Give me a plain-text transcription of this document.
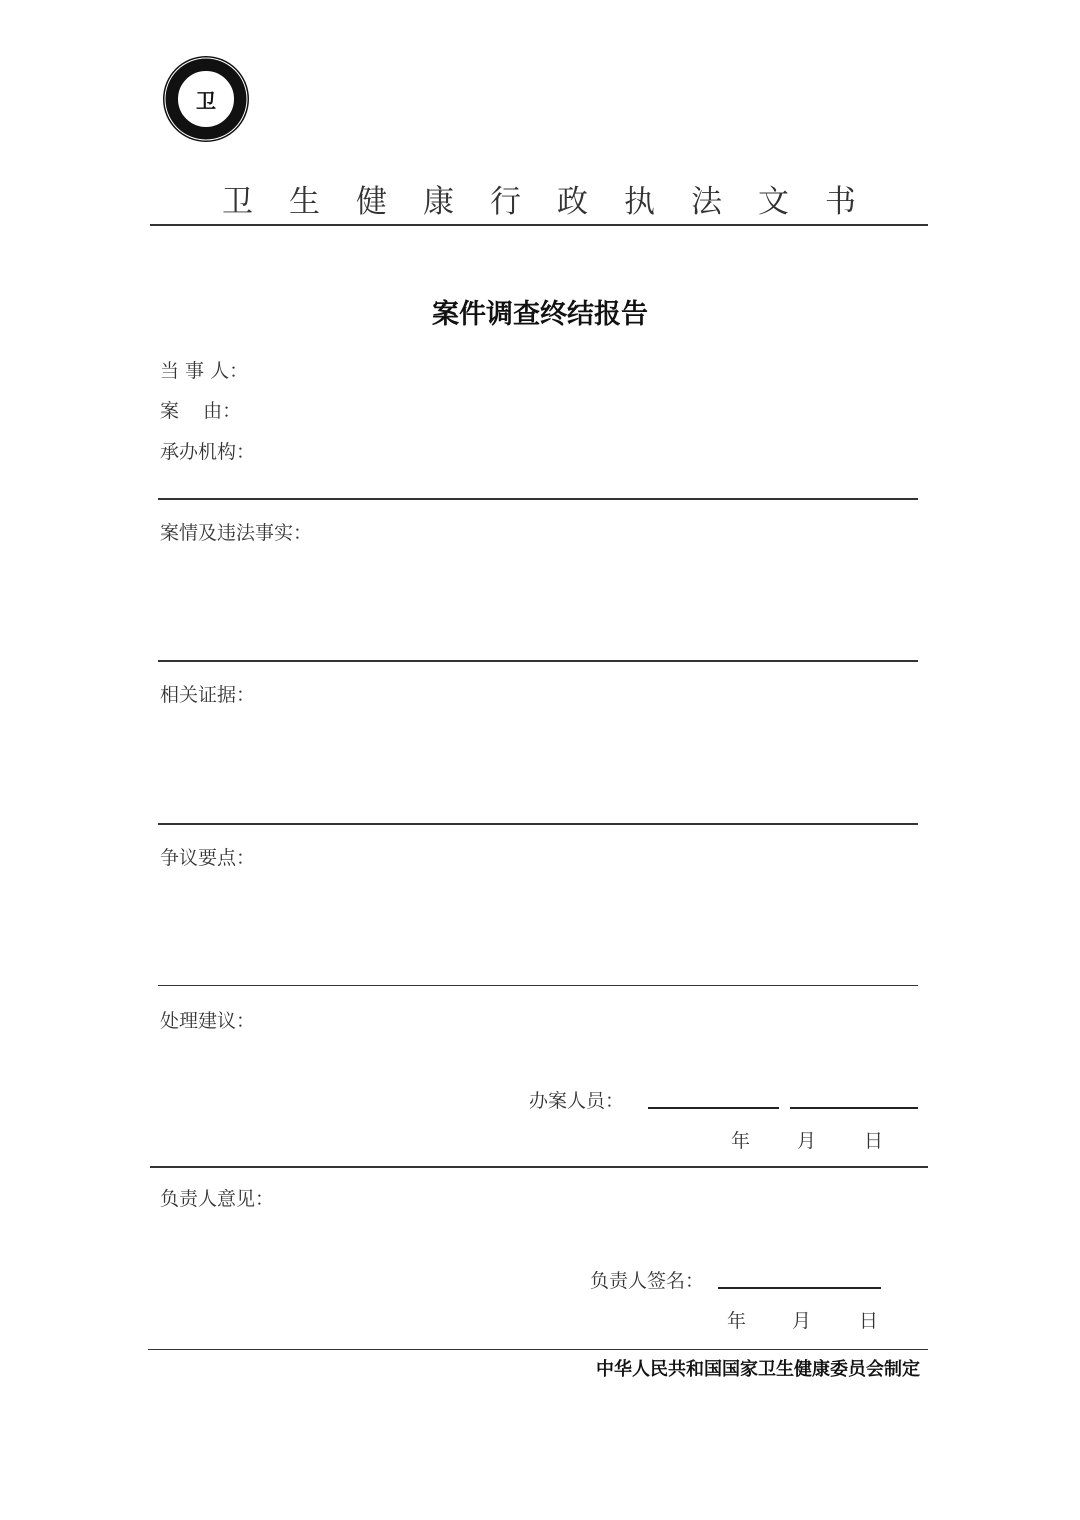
卫
卫生健康行政执法文书
案件调查终结报告
当 事 人：
案    由：
承办机构：
案情及违法事实：
相关证据：
争议要点：
处理建议：
办案人员：
年 月	日
负责人意见：
负责人签名：
年 月	日
中华人民共和国国家卫生健康委员会制定
